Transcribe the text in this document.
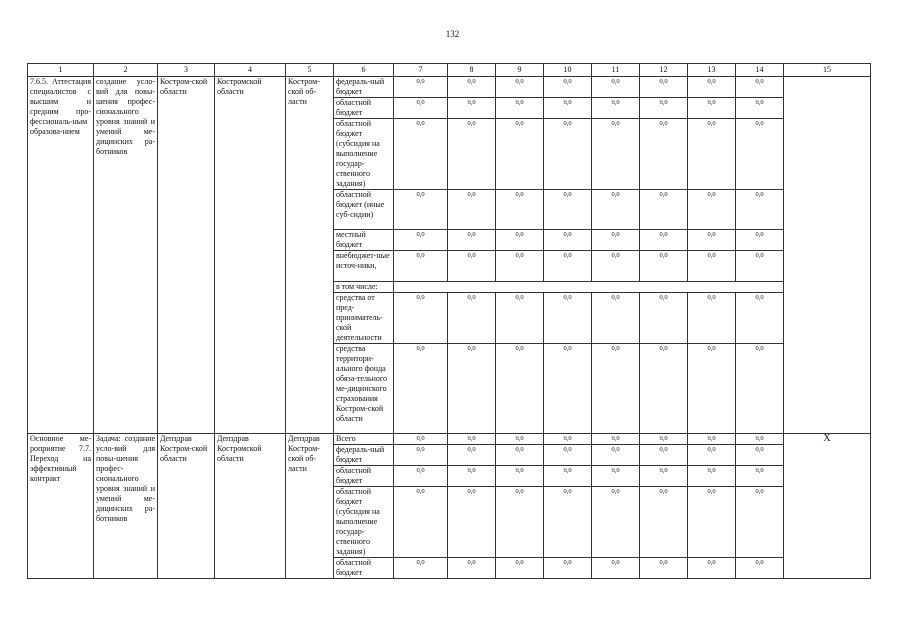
132
1	2	3	4	5	6	7	8	9	10	11	12	13	14	15
7.6.5. Аттестация специалистов с высшим и средним про-фессиональ-ным образова-нием	создание усло-вий для повы-шения профес-сионального уровня знаний и умений ме-дицинских ра-ботников	Костром-ской области	Костромской области	Костром-ской об-ласти	федераль-ный бюджет	0,0	0,0	0,0	0,0	0,0	0,0	0,0	0,0	
					областной бюджет	0,0	0,0	0,0	0,0	0,0	0,0	0,0	0,0	
					областной бюджет (субсидия на выполнение государ-ственного задания)	0,0	0,0	0,0	0,0	0,0	0,0	0,0	0,0	
					областной бюджет (иные суб-сидии)	0,0	0,0	0,0	0,0	0,0	0,0	0,0	0,0	
					местный бюджет	0,0	0,0	0,0	0,0	0,0	0,0	0,0	0,0	
					внебюджет-ные источ-ники,	0,0	0,0	0,0	0,0	0,0	0,0	0,0	0,0	
					в том числе:									
					средства от пред-приниматель-ской деятельности	0,0	0,0	0,0	0,0	0,0	0,0	0,0	0,0	
					средства территори-ального фонда обяза-тельного ме-дицинского страхования Костром-ской области	0,0	0,0	0,0	0,0	0,0	0,0	0,0	0,0	
Основное ме-роприятие 7.7. Переход на эффективный контракт	Задача: создание усло-вий для повы-шения профес-сионального уровня знаний и умений ме-дицинских ра-ботников	Депздрав Костром-ской области	Депздрав Костромской области	Депздрав Костром-ской об-ласти	Всего	0,0	0,0	0,0	0,0	0,0	0,0	0,0	0,0	Х
					федераль-ный бюджет	0,0	0,0	0,0	0,0	0,0	0,0	0,0	0,0	
					областной бюджет	0,0	0,0	0,0	0,0	0,0	0,0	0,0	0,0	
					областной бюджет (субсидия на выполнение государ-ственного задания)	0,0	0,0	0,0	0,0	0,0	0,0	0,0	0,0	
					областной бюджет	0,0	0,0	0,0	0,0	0,0	0,0	0,0	0,0	
